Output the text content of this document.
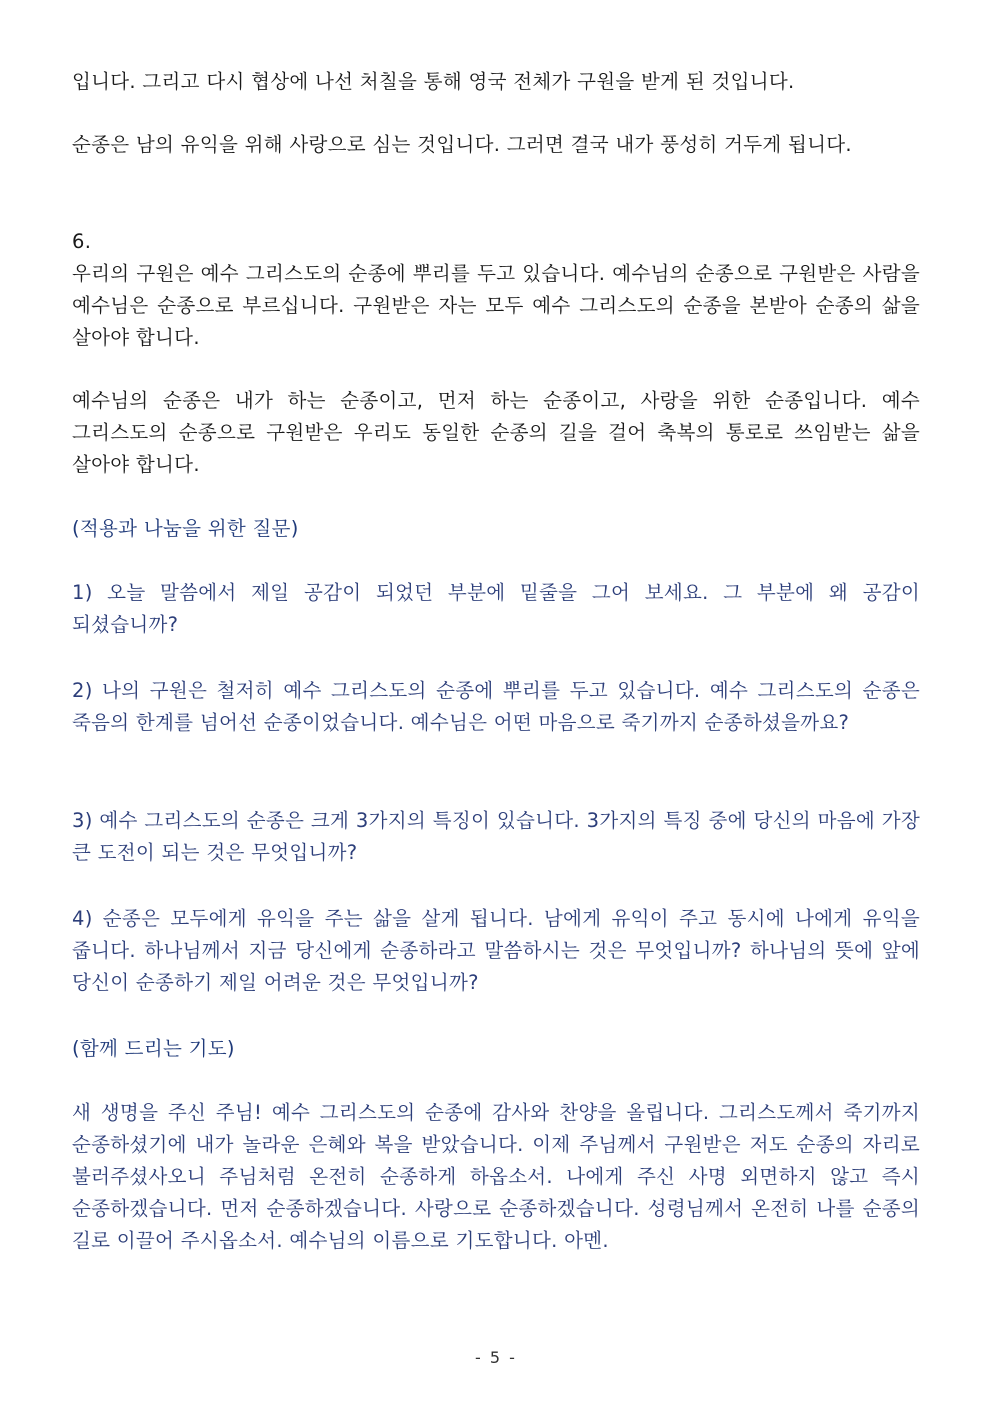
입니다. 그리고 다시 협상에 나선 처칠을 통해 영국 전체가 구원을 받게 된 것입니다.

순종은 남의 유익을 위해 사랑으로 심는 것입니다. 그러면 결국 내가 풍성히 거두게 됩니다.

6.

우리의 구원은 예수 그리스도의 순종에 뿌리를 두고 있습니다. 예수님의 순종으로 구원받은 사람을 예수님은 순종으로 부르십니다. 구원받은 자는 모두 예수 그리스도의 순종을 본받아 순종의 삶을 살아야 합니다.

예수님의 순종은 내가 하는 순종이고, 먼저 하는 순종이고, 사랑을 위한 순종입니다. 예수 그리스도의 순종으로 구원받은 우리도 동일한 순종의 길을 걸어 축복의 통로로 쓰임받는 삶을 살아야 합니다.

(적용과 나눔을 위한 질문)

1) 오늘 말씀에서 제일 공감이 되었던 부분에 밑줄을 그어 보세요. 그 부분에 왜 공감이 되셨습니까?

2) 나의 구원은 철저히 예수 그리스도의 순종에 뿌리를 두고 있습니다. 예수 그리스도의 순종은 죽음의 한계를 넘어선 순종이었습니다. 예수님은 어떤 마음으로 죽기까지 순종하셨을까요?

3) 예수 그리스도의 순종은 크게 3가지의 특징이 있습니다. 3가지의 특징 중에 당신의 마음에 가장 큰 도전이 되는 것은 무엇입니까?

4) 순종은 모두에게 유익을 주는 삶을 살게 됩니다. 남에게 유익이 주고 동시에 나에게 유익을 줍니다. 하나님께서 지금 당신에게 순종하라고 말씀하시는 것은 무엇입니까? 하나님의 뜻에 앞에 당신이 순종하기 제일 어려운 것은 무엇입니까?

(함께 드리는 기도)

새 생명을 주신 주님! 예수 그리스도의 순종에 감사와 찬양을 올립니다. 그리스도께서 죽기까지 순종하셨기에 내가 놀라운 은혜와 복을 받았습니다. 이제 주님께서 구원받은 저도 순종의 자리로 불러주셨사오니 주님처럼 온전히 순종하게 하옵소서. 나에게 주신 사명 외면하지 않고 즉시 순종하겠습니다. 먼저 순종하겠습니다. 사랑으로 순종하겠습니다. 성령님께서 온전히 나를 순종의 길로 이끌어 주시옵소서. 예수님의 이름으로 기도합니다. 아멘.

- 5 -
